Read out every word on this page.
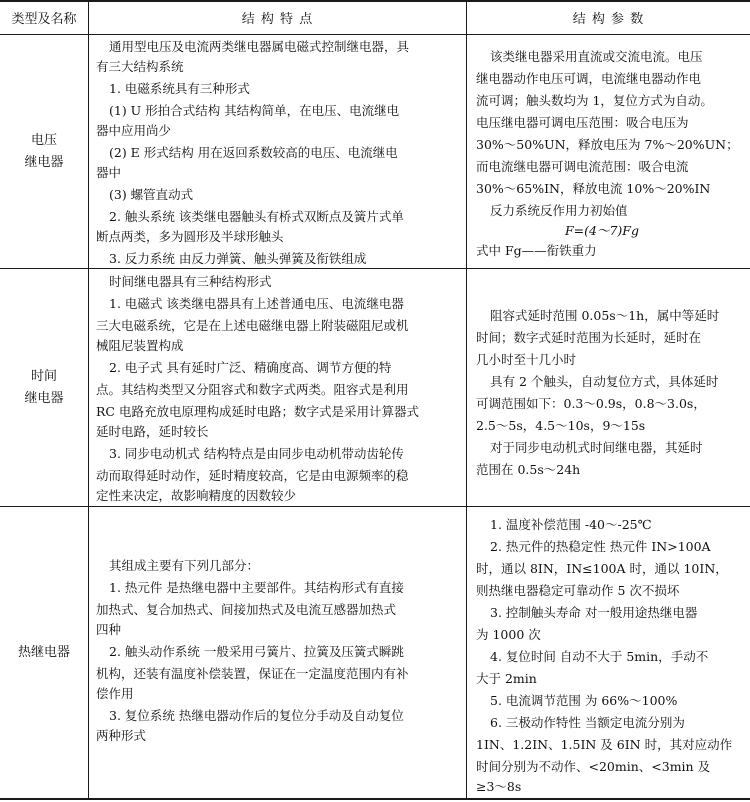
类型及名称	结 构 特 点	结 构 参 数
电压
继电器
通用型电压及电流两类继电器属电磁式控制继电器，具
有三大结构系统
1. 电磁系统具有三种形式
(1) U 形拍合式结构 其结构简单，在电压、电流继电
器中应用尚少
(2) E 形式结构 用在返回系数较高的电压、电流继电
器中
(3) 螺管直动式
2. 触头系统 该类继电器触头有桥式双断点及簧片式单
断点两类，多为圆形及半球形触头
3. 反力系统 由反力弹簧、触头弹簧及衔铁组成
该类继电器采用直流或交流电流。电压
继电器动作电压可调，电流继电器动作电
流可调；触头数均为 1，复位方式为自动。
电压继电器可调电压范围：吸合电压为
30%～50%UN，释放电压为 7%～20%UN；
而电流继电器可调电流范围：吸合电流
30%～65%IN，释放电流 10%～20%IN
反力系统反作用力初始值
F=(4～7)Fg
式中 Fg——衔铁重力
时间
继电器
时间继电器具有三种结构形式
1. 电磁式 该类继电器具有上述普通电压、电流继电器
三大电磁系统，它是在上述电磁继电器上附装磁阻尼或机
械阻尼装置构成
2. 电子式 具有延时广泛、精确度高、调节方便的特
点。其结构类型又分阻容式和数字式两类。阻容式是利用
RC 电路充放电原理构成延时电路；数字式是采用计算器式
延时电路，延时较长
3. 同步电动机式 结构特点是由同步电动机带动齿轮传
动而取得延时动作，延时精度较高，它是由电源频率的稳
定性来决定，故影响精度的因数较少
阻容式延时范围 0.05s～1h，属中等延时
时间；数字式延时范围为长延时，延时在
几小时至十几小时
具有 2 个触头，自动复位方式，具体延时
可调范围如下：0.3～0.9s，0.8～3.0s，
2.5～5s，4.5～10s，9～15s
对于同步电动机式时间继电器，其延时
范围在 0.5s～24h
热继电器
其组成主要有下列几部分：
1. 热元件 是热继电器中主要部件。其结构形式有直接
加热式、复合加热式、间接加热式及电流互感器加热式
四种
2. 触头动作系统 一般采用弓簧片、拉簧及压簧式瞬跳
机构，还装有温度补偿装置，保证在一定温度范围内有补
偿作用
3. 复位系统 热继电器动作后的复位分手动及自动复位
两种形式
1. 温度补偿范围 -40～-25℃
2. 热元件的热稳定性 热元件 IN>100A
时，通以 8IN，IN≤100A 时，通以 10IN，
则热继电器稳定可靠动作 5 次不损坏
3. 控制触头寿命 对一般用途热继电器
为 1000 次
4. 复位时间 自动不大于 5min，手动不
大于 2min
5. 电流调节范围 为 66%～100%
6. 三极动作特性 当额定电流分别为
1IN、1.2IN、1.5IN 及 6IN 时，其对应动作
时间分别为不动作、<20min、<3min 及
≥3～8s
